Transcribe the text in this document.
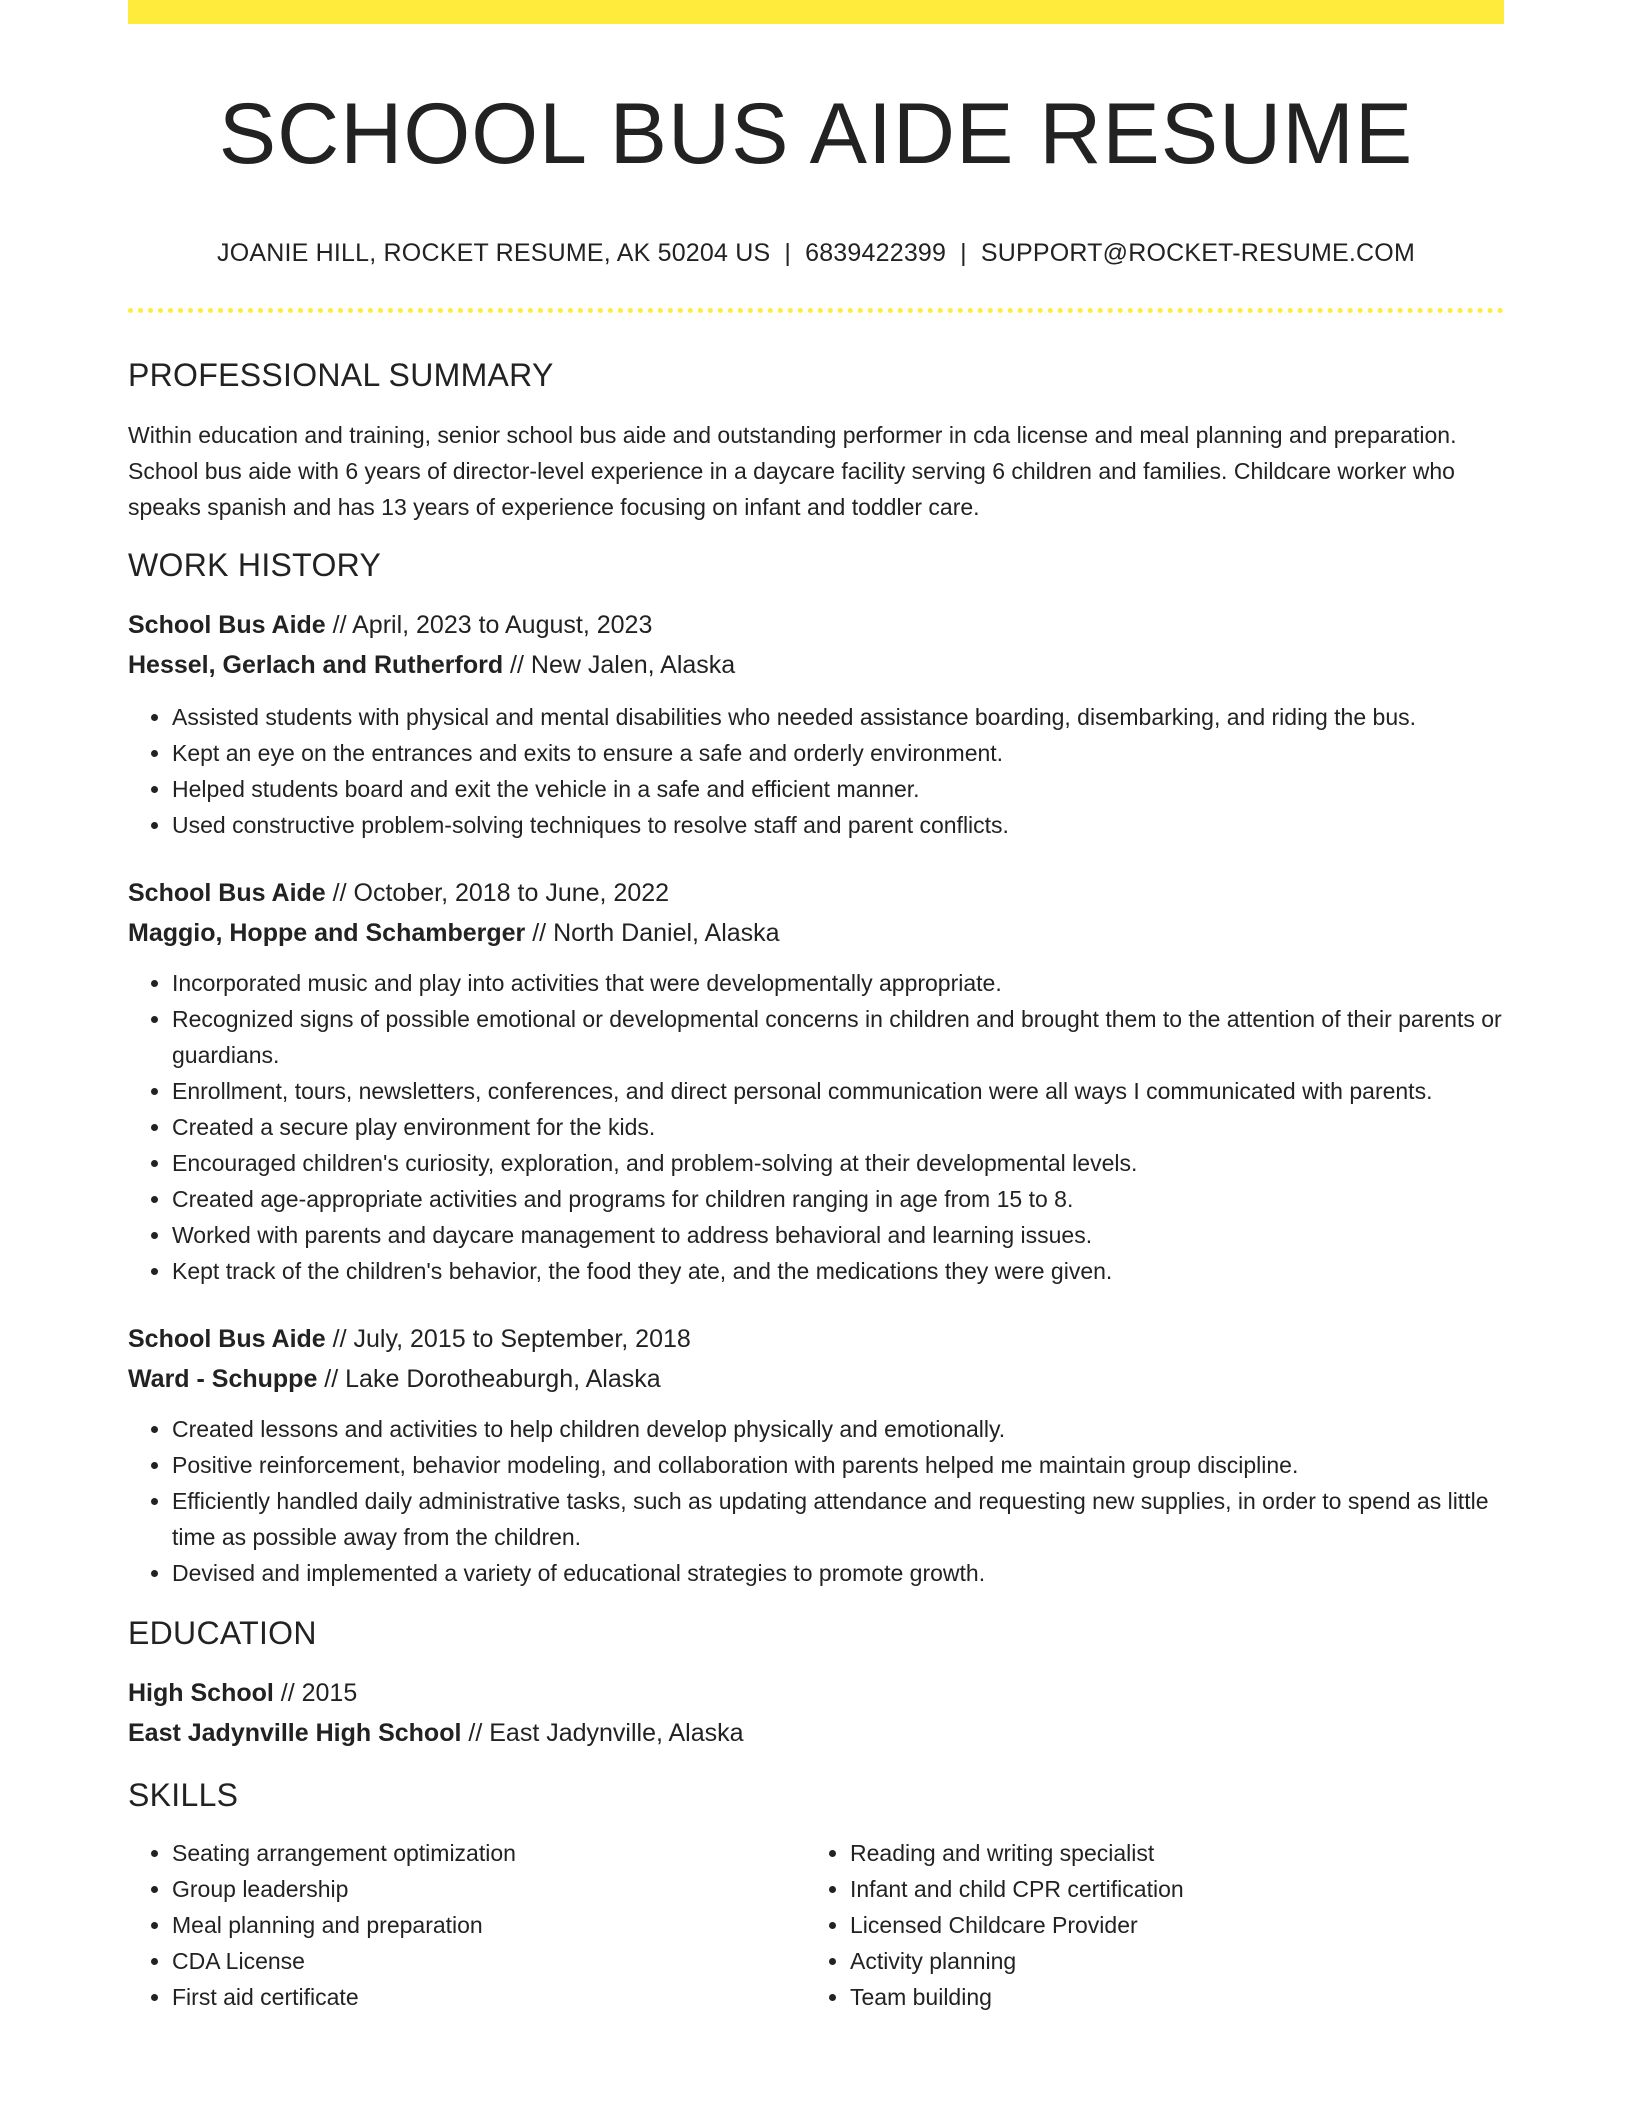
SCHOOL BUS AIDE RESUME
JOANIE HILL, ROCKET RESUME, AK 50204 US | 6839422399 | SUPPORT@ROCKET-RESUME.COM
PROFESSIONAL SUMMARY

Within education and training, senior school bus aide and outstanding performer in cda license and meal planning and preparation. School bus aide with 6 years of director-level experience in a daycare facility serving 6 children and families. Childcare worker who speaks spanish and has 13 years of experience focusing on infant and toddler care.

WORK HISTORY
School Bus Aide // April, 2023 to August, 2023
Hessel, Gerlach and Rutherford // New Jalen, Alaska
• Assisted students with physical and mental disabilities who needed assistance boarding, disembarking, and riding the bus.
• Kept an eye on the entrances and exits to ensure a safe and orderly environment.
• Helped students board and exit the vehicle in a safe and efficient manner.
• Used constructive problem-solving techniques to resolve staff and parent conflicts.
School Bus Aide // October, 2018 to June, 2022
Maggio, Hoppe and Schamberger // North Daniel, Alaska
• Incorporated music and play into activities that were developmentally appropriate.
• Recognized signs of possible emotional or developmental concerns in children and brought them to the attention of their parents or guardians.
• Enrollment, tours, newsletters, conferences, and direct personal communication were all ways I communicated with parents.
• Created a secure play environment for the kids.
• Encouraged children's curiosity, exploration, and problem-solving at their developmental levels.
• Created age-appropriate activities and programs for children ranging in age from 15 to 8.
• Worked with parents and daycare management to address behavioral and learning issues.
• Kept track of the children's behavior, the food they ate, and the medications they were given.
School Bus Aide // July, 2015 to September, 2018
Ward - Schuppe // Lake Dorotheaburgh, Alaska
• Created lessons and activities to help children develop physically and emotionally.
• Positive reinforcement, behavior modeling, and collaboration with parents helped me maintain group discipline.
• Efficiently handled daily administrative tasks, such as updating attendance and requesting new supplies, in order to spend as little time as possible away from the children.
• Devised and implemented a variety of educational strategies to promote growth.
EDUCATION
High School // 2015
East Jadynville High School // East Jadynville, Alaska
SKILLS
• Seating arrangement optimization
• Group leadership
• Meal planning and preparation
• CDA License
• First aid certificate
• Reading and writing specialist
• Infant and child CPR certification
• Licensed Childcare Provider
• Activity planning
• Team building
